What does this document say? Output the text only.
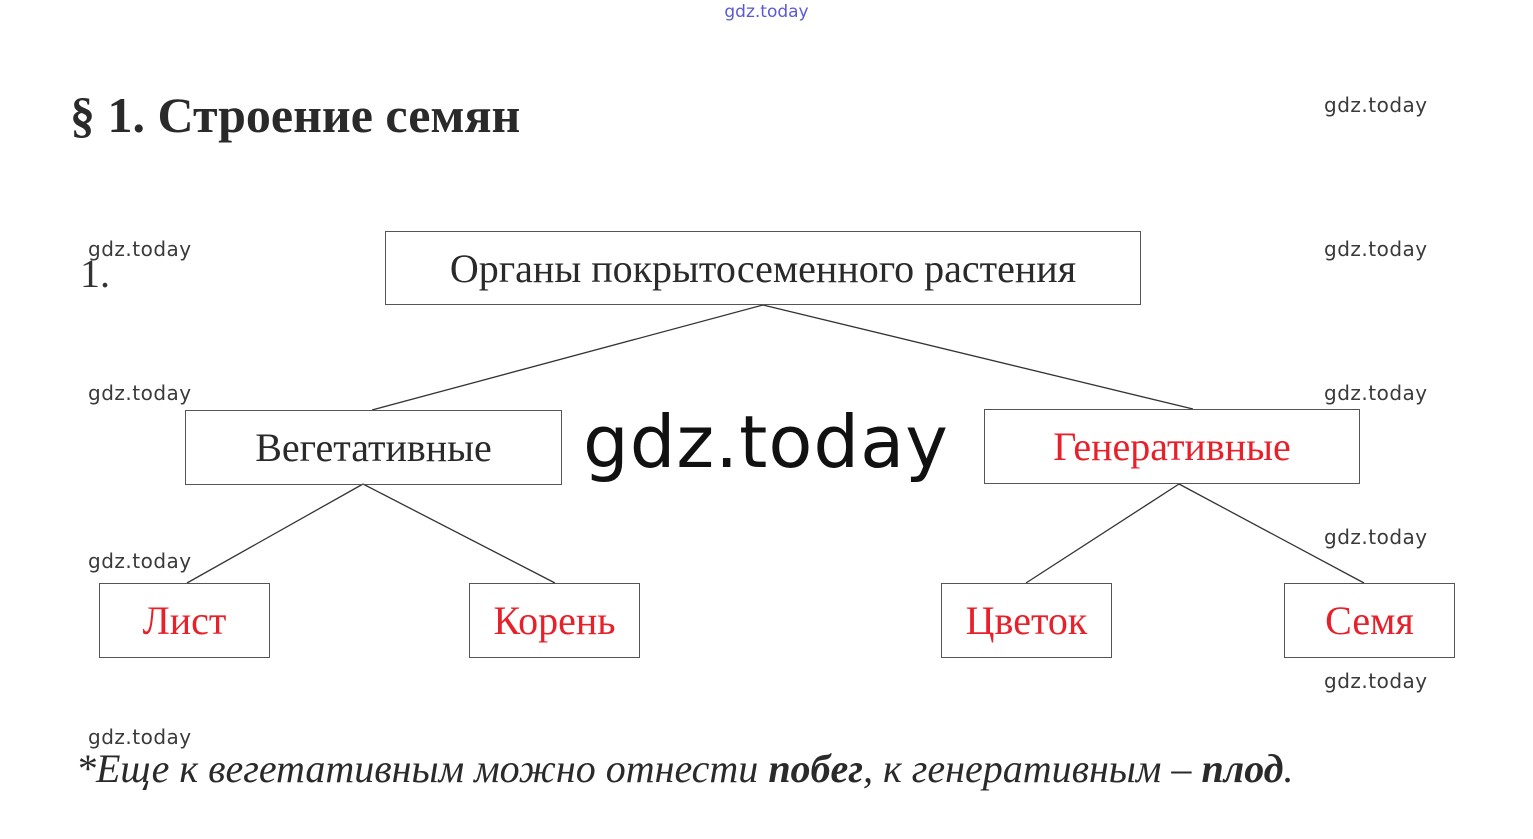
gdz.today
gdz.today
gdz.today	gdz.today
gdz.today	gdz.today
gdz.today
gdz.today
gdz.today
gdz.today
§ 1. Строение семян
1.	Органы покрытосеменного растения
Вегетативные	Генеративные
Лист	Корень	Цветок	Семя
gdz.today
*Еще к вегетативным можно отнести побег, к генеративным – плод.
